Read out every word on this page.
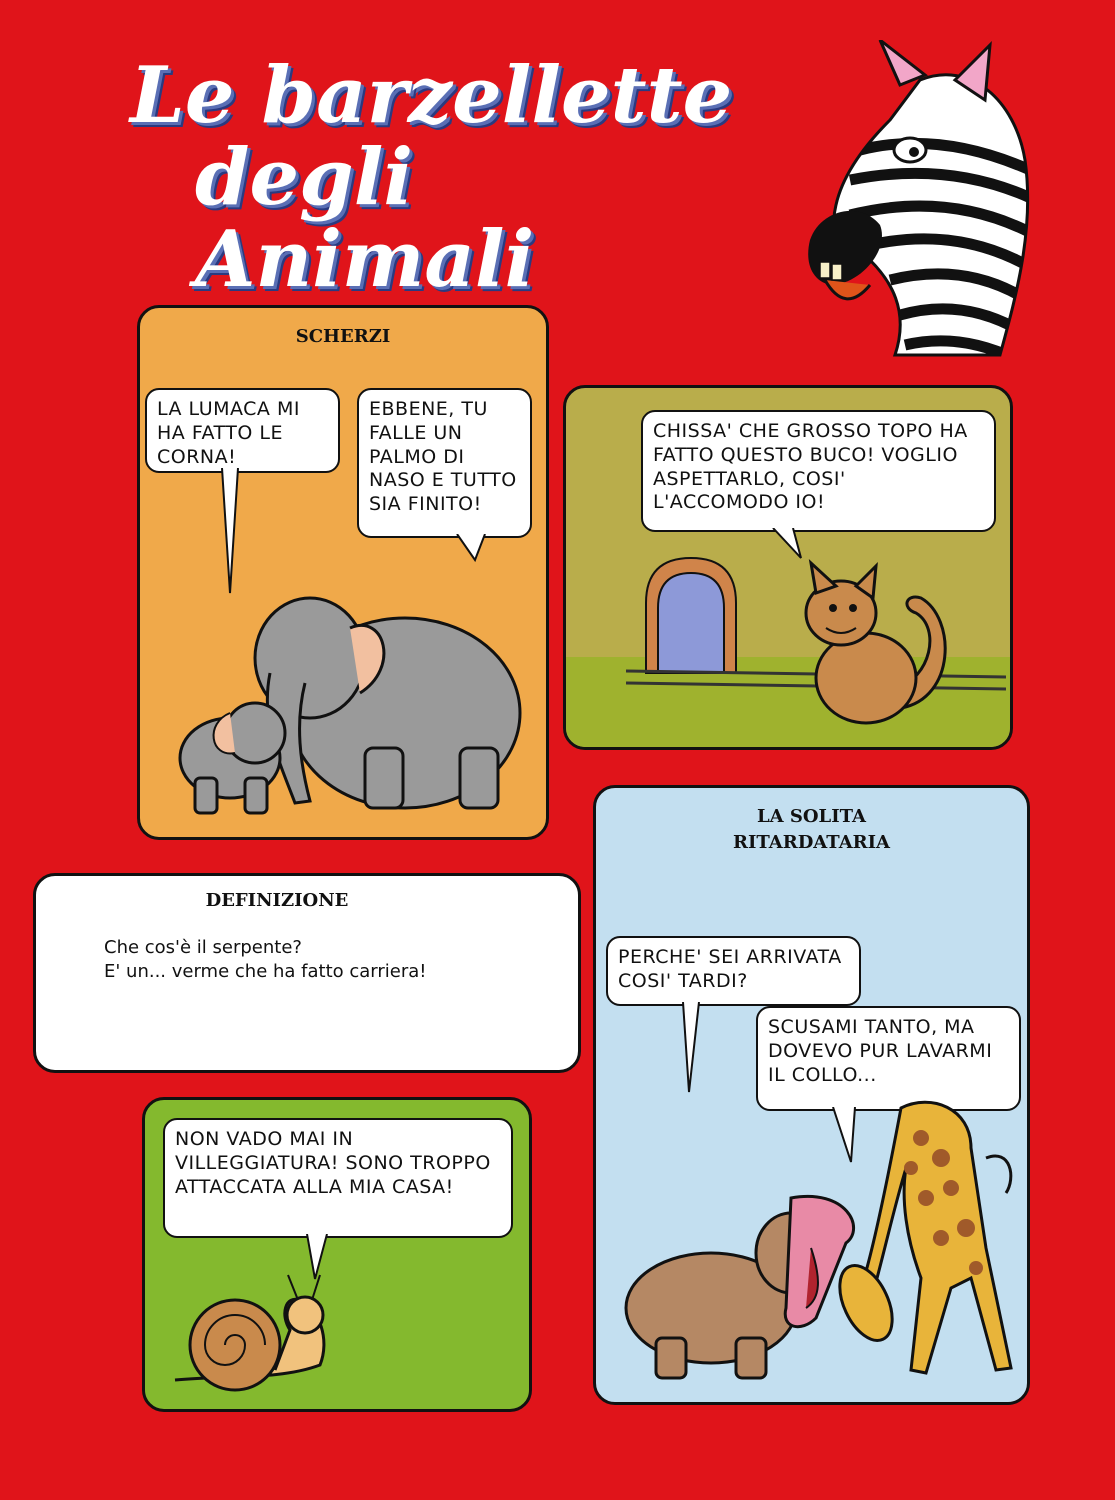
Le barzellette
degli Animali
SCHERZI
LA LUMACA MI HA FATTO LE CORNA!
EBBENE, TU FALLE UN PALMO DI NASO E TUTTO SIA FINITO!
CHISSA' CHE GROSSO TOPO HA FATTO QUESTO BUCO! VOGLIO ASPETTARLO, COSI' L'ACCOMODO IO!
DEFINIZIONE
Che cos'è il serpente?
E' un... verme che ha fatto carriera!
NON VADO MAI IN VILLEGGIATURA! SONO TROPPO ATTACCATA ALLA MIA CASA!
LA SOLITA
RITARDATARIA
PERCHE' SEI ARRIVATA COSI' TARDI?
SCUSAMI TANTO, MA DOVEVO PUR LAVARMI IL COLLO...
